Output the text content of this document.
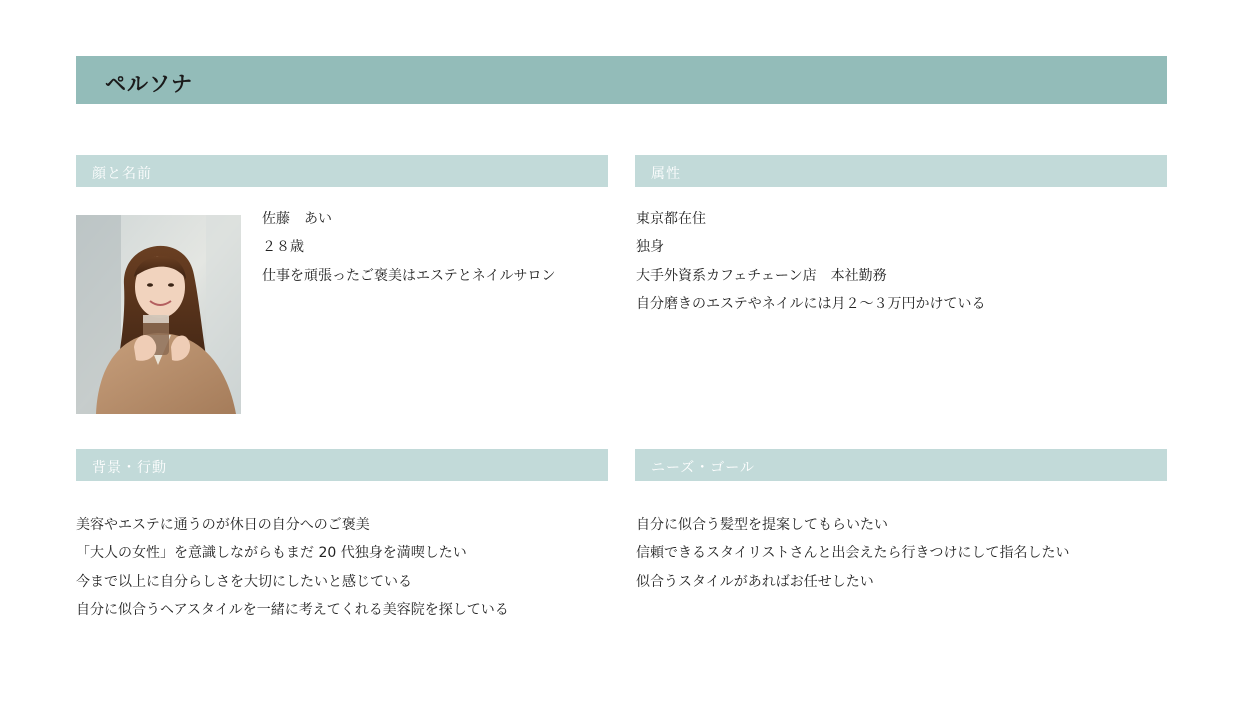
ペルソナ
顔と名前
佐藤　あい
２８歳
仕事を頑張ったご褒美はエステとネイルサロン
属性
東京都在住
独身
大手外資系カフェチェーン店　本社勤務
自分磨きのエステやネイルには月２～３万円かけている
背景・行動
美容やエステに通うのが休日の自分へのご褒美
「大人の女性」を意識しながらもまだ 20 代独身を満喫したい
今まで以上に自分らしさを大切にしたいと感じている
自分に似合うヘアスタイルを一緒に考えてくれる美容院を探している
ニーズ・ゴール
自分に似合う髪型を提案してもらいたい
信頼できるスタイリストさんと出会えたら行きつけにして指名したい
似合うスタイルがあればお任せしたい
